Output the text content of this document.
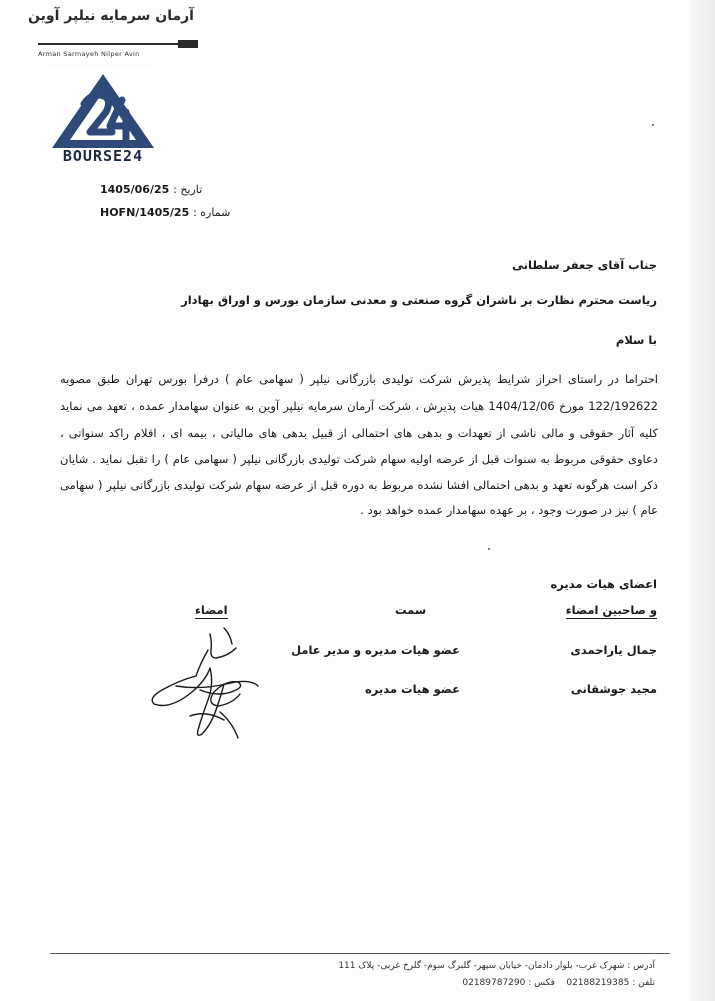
آرمان سرمایه نیلپر آوین
Arman Sarmayeh Nilper Avin
BOURSE24
1405/06/25 : تاریخ
HOFN/1405/25 : شماره
جناب آقای جعفر سلطانی
ریاست محترم نظارت بر ناشران گروه صنعتی و معدنی سازمان بورس و اوراق بهادار
با سلام
احتراما در راستای احراز شرایط پذیرش شرکت تولیدی بازرگانی نیلپر ( سهامی عام ) درفرا بورس تهران طبق مصوبه
122/192622 مورخ 1404/12/06 هیات پذیرش ، شرکت آرمان سرمایه نیلپر آوین به عنوان سهامدار عمده ، تعهد می نماید
کلیه آثار حقوقی و مالی ناشی از تعهدات و بدهی های احتمالی از قبیل بدهی های مالیاتی ، بیمه ای ، اقلام راکد سنواتی ،
دعاوی حقوقی مربوط به سنوات قبل از عرضه اولیه سهام شرکت تولیدی بازرگانی نیلپر ( سهامی عام ) را تقبل نماید . شایان
ذکر است هرگونه تعهد و بدهی احتمالی افشا نشده مربوط به دوره قبل از عرضه سهام شرکت تولیدی بازرگانی نیلپر ( سهامی
عام ) نیز در صورت وجود ، بر عهده سهامدار عمده خواهد بود .
اعضای هیات مدیره
و صاحبین امضاء
سمت
امضاء
جمال یاراحمدی
عضو هیات مدیره و مدیر عامل
مجید جوشقانی
عضو هیات مدیره
آدرس : شهرک غرب- بلوار دادمان- خیابان سپهر- گلبرگ سوم- گلرخ غربی- پلاک 111
تلفن : 02188219385    فکس : 02189787290
